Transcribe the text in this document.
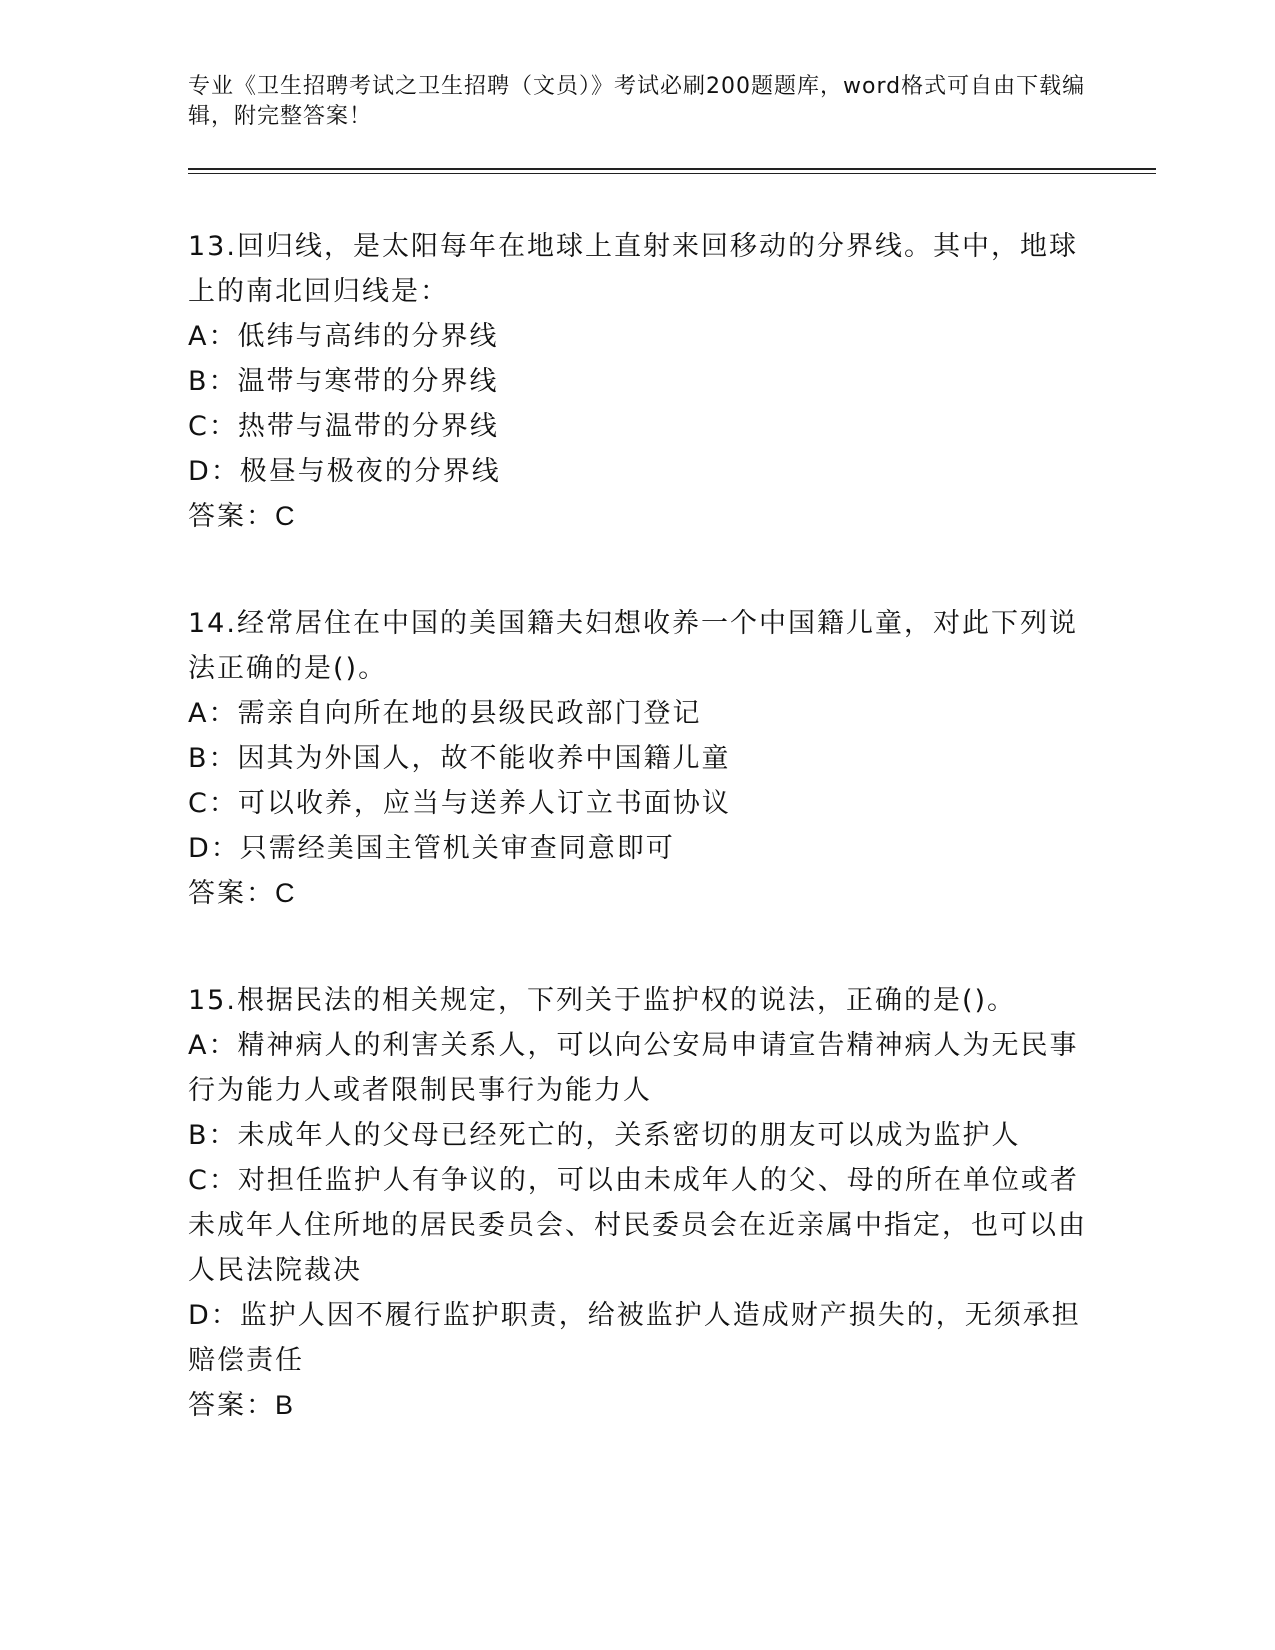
专业《卫生招聘考试之卫生招聘（文员）》考试必刷200题题库，word格式可自由下载编辑，附完整答案！

13.回归线，是太阳每年在地球上直射来回移动的分界线。其中，地球上的南北回归线是：

A：低纬与高纬的分界线

B：温带与寒带的分界线

C：热带与温带的分界线

D：极昼与极夜的分界线

答案：C

14.经常居住在中国的美国籍夫妇想收养一个中国籍儿童，对此下列说法正确的是()。

A：需亲自向所在地的县级民政部门登记

B：因其为外国人，故不能收养中国籍儿童

C：可以收养，应当与送养人订立书面协议

D：只需经美国主管机关审查同意即可

答案：C

15.根据民法的相关规定，下列关于监护权的说法，正确的是()。

A：精神病人的利害关系人，可以向公安局申请宣告精神病人为无民事行为能力人或者限制民事行为能力人

B：未成年人的父母已经死亡的，关系密切的朋友可以成为监护人

C：对担任监护人有争议的，可以由未成年人的父、母的所在单位或者未成年人住所地的居民委员会、村民委员会在近亲属中指定，也可以由人民法院裁决

D：监护人因不履行监护职责，给被监护人造成财产损失的，无须承担赔偿责任

答案：B
